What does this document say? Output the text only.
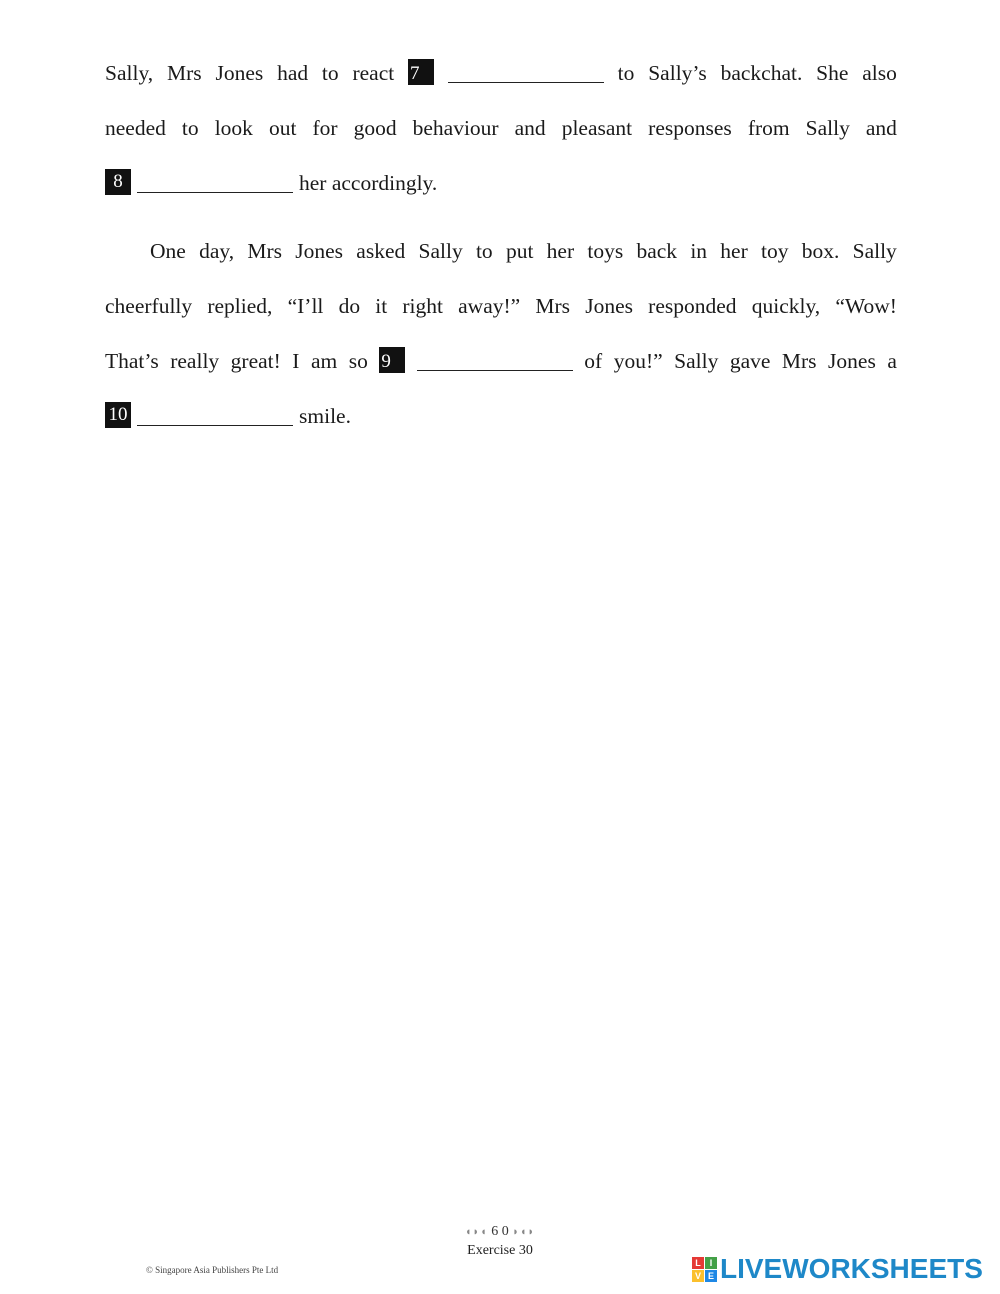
Sally, Mrs Jones had to react 7	to Sally’s backchat. She also
needed to look out for good behaviour and pleasant responses from Sally and
8	her accordingly.
One day, Mrs Jones asked Sally to put her toys back in her toy box. Sally
cheerfully replied, “I’ll do it right away!” Mrs Jones responded quickly, “Wow!
That’s really great! I am so 9	of you!” Sally gave Mrs Jones a
10	smile.
◖◗◖ 6 0 ◗◖◗
Exercise 30
© Singapore Asia Publishers Pte Ltd
L I
V E LIVEWORKSHEETS
